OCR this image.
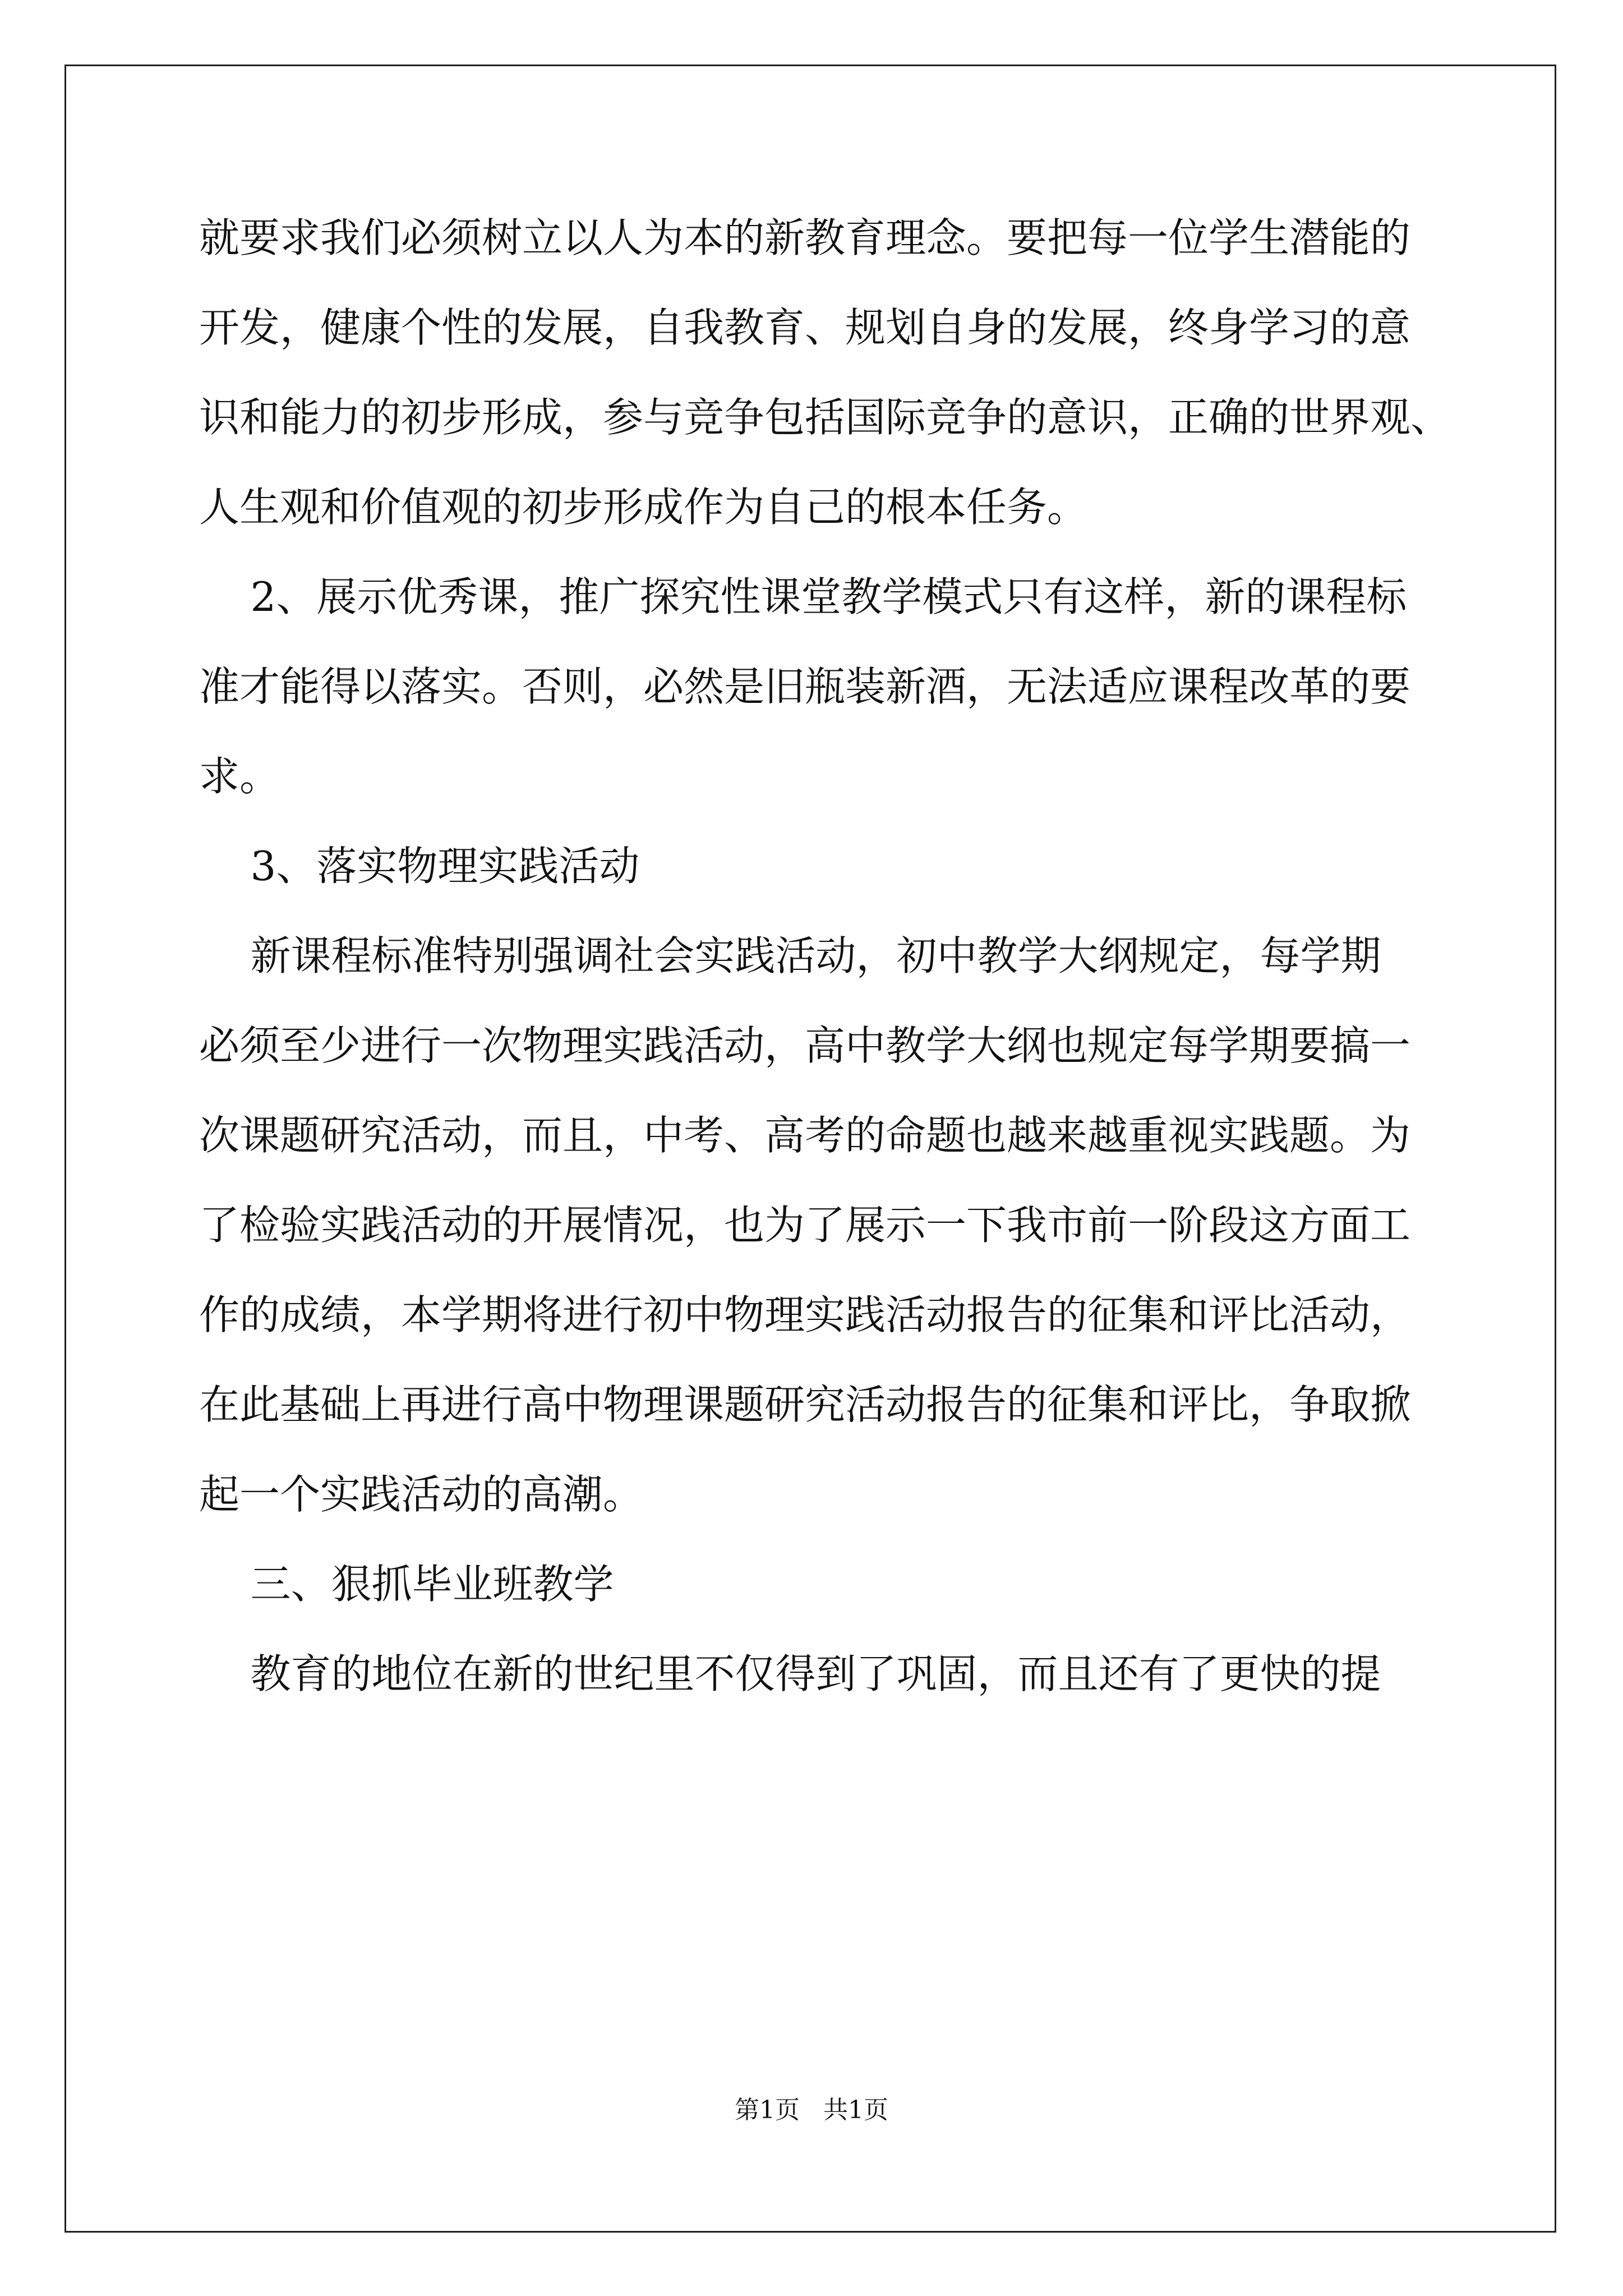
就要求我们必须树立以人为本的新教育理念。要把每一位学生潜能的
开发，健康个性的发展，自我教育、规划自身的发展，终身学习的意
识和能力的初步形成，参与竞争包括国际竞争的意识，正确的世界观、
人生观和价值观的初步形成作为自己的根本任务。
2、展示优秀课，推广探究性课堂教学模式只有这样，新的课程标
准才能得以落实。否则，必然是旧瓶装新酒，无法适应课程改革的要
求。
3、落实物理实践活动
新课程标准特别强调社会实践活动，初中教学大纲规定，每学期
必须至少进行一次物理实践活动，高中教学大纲也规定每学期要搞一
次课题研究活动，而且，中考、高考的命题也越来越重视实践题。为
了检验实践活动的开展情况，也为了展示一下我市前一阶段这方面工
作的成绩，本学期将进行初中物理实践活动报告的征集和评比活动，
在此基础上再进行高中物理课题研究活动报告的征集和评比，争取掀
起一个实践活动的高潮。
三、狠抓毕业班教学
教育的地位在新的世纪里不仅得到了巩固，而且还有了更快的提
第1页   共1页
